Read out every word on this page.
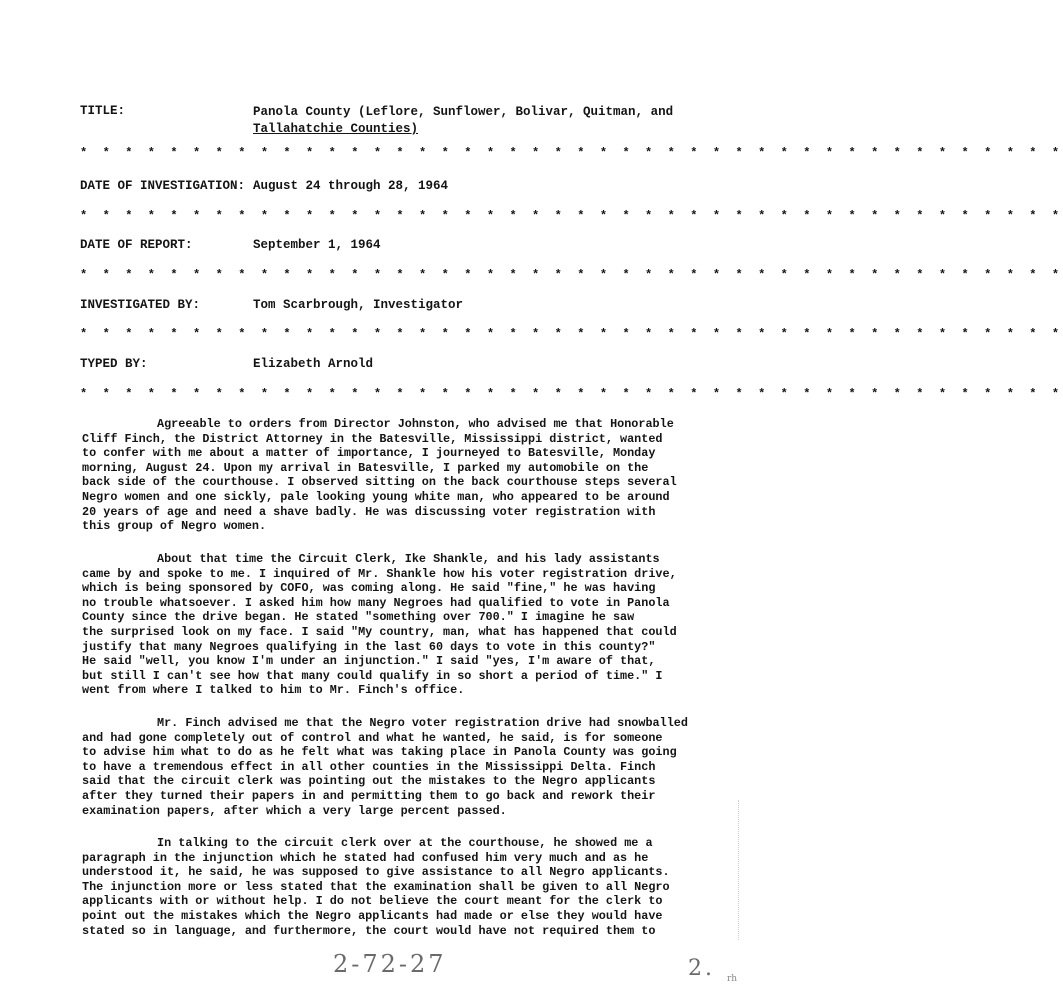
TITLE:	Panola County (Leflore, Sunflower, Bolivar, Quitman, and
Tallahatchie Counties)
* * * * * * * * * * * * * * * * * * * * * * * * * * * * * * * * * * * * * * * * * * * *
DATE OF INVESTIGATION: August 24 through 28, 1964
* * * * * * * * * * * * * * * * * * * * * * * * * * * * * * * * * * * * * * * * * * * *
DATE OF REPORT:	September 1, 1964
* * * * * * * * * * * * * * * * * * * * * * * * * * * * * * * * * * * * * * * * * * * *
INVESTIGATED BY:	Tom Scarbrough, Investigator
* * * * * * * * * * * * * * * * * * * * * * * * * * * * * * * * * * * * * * * * * * * *
TYPED BY:	Elizabeth Arnold
* * * * * * * * * * * * * * * * * * * * * * * * * * * * * * * * * * * * * * * * * * * *
Agreeable to orders from Director Johnston, who advised me that Honorable
Cliff Finch, the District Attorney in the Batesville, Mississippi district, wanted
to confer with me about a matter of importance, I journeyed to Batesville, Monday
morning, August 24. Upon my arrival in Batesville, I parked my automobile on the
back side of the courthouse. I observed sitting on the back courthouse steps several
Negro women and one sickly, pale looking young white man, who appeared to be around
20 years of age and need a shave badly. He was discussing voter registration with
this group of Negro women.
About that time the Circuit Clerk, Ike Shankle, and his lady assistants
came by and spoke to me. I inquired of Mr. Shankle how his voter registration drive,
which is being sponsored by COFO, was coming along. He said "fine," he was having
no trouble whatsoever. I asked him how many Negroes had qualified to vote in Panola
County since the drive began. He stated "something over 700." I imagine he saw
the surprised look on my face. I said "My country, man, what has happened that could
justify that many Negroes qualifying in the last 60 days to vote in this county?"
He said "well, you know I'm under an injunction." I said "yes, I'm aware of that,
but still I can't see how that many could qualify in so short a period of time." I
went from where I talked to him to Mr. Finch's office.
Mr. Finch advised me that the Negro voter registration drive had snowballed
and had gone completely out of control and what he wanted, he said, is for someone
to advise him what to do as he felt what was taking place in Panola County was going
to have a tremendous effect in all other counties in the Mississippi Delta. Finch
said that the circuit clerk was pointing out the mistakes to the Negro applicants
after they turned their papers in and permitting them to go back and rework their
examination papers, after which a very large percent passed.
In talking to the circuit clerk over at the courthouse, he showed me a
paragraph in the injunction which he stated had confused him very much and as he
understood it, he said, he was supposed to give assistance to all Negro applicants.
The injunction more or less stated that the examination shall be given to all Negro
applicants with or without help. I do not believe the court meant for the clerk to
point out the mistakes which the Negro applicants had made or else they would have
stated so in language, and furthermore, the court would have not required them to
2-72-27	2. rh
